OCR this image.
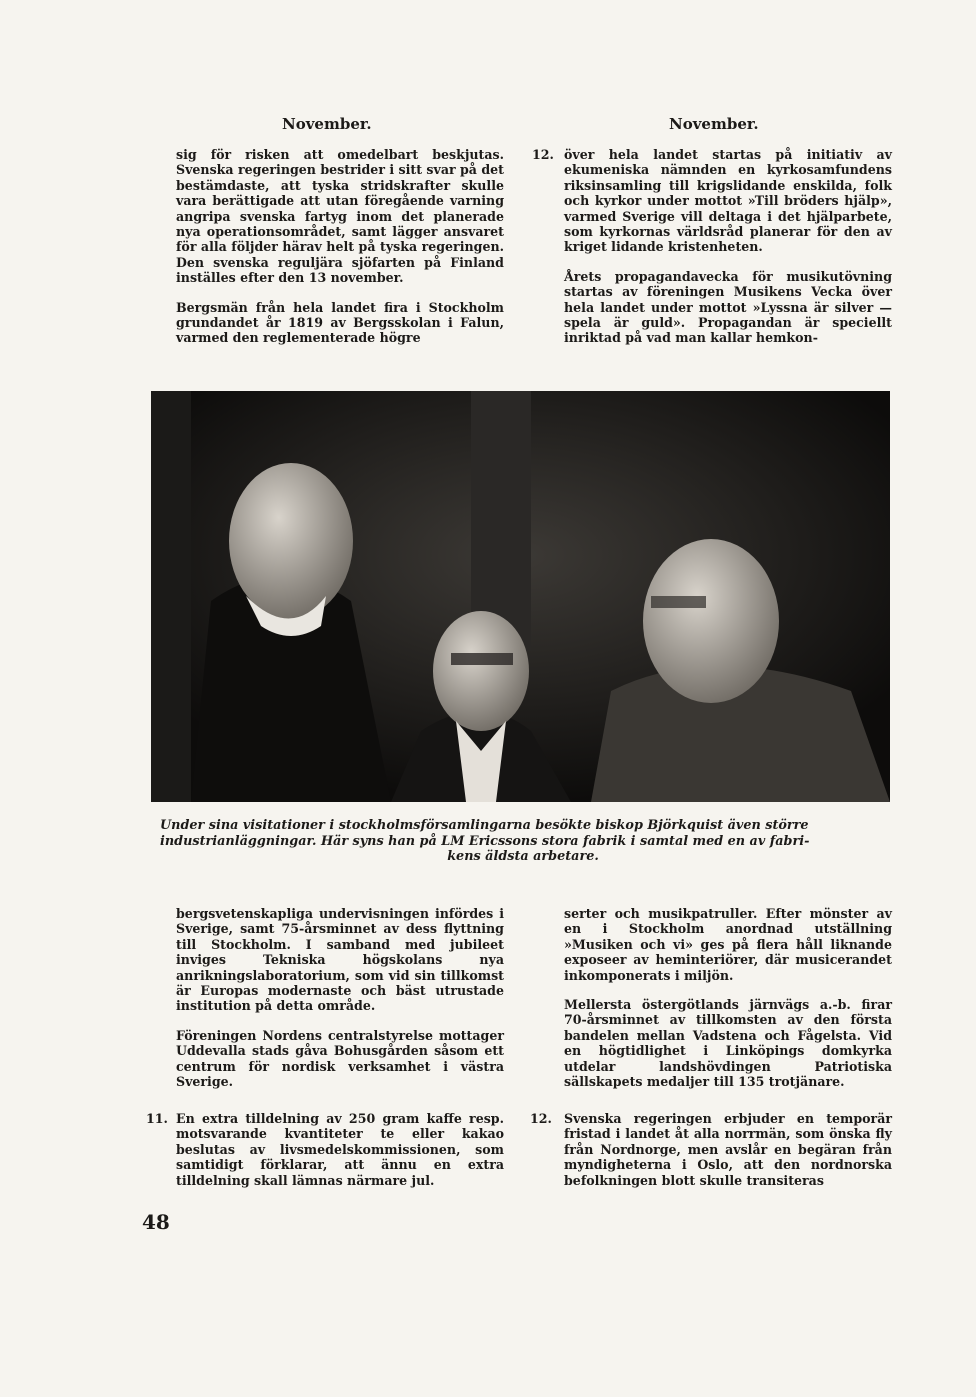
November.	November.

sig för risken att omedelbart beskjutas. Svenska regeringen bestrider i sitt svar på det bestämdaste, att tyska stridskrafter skulle vara berättigade att utan föregående varning angripa svenska fartyg inom det planerade nya operationsområdet, samt lägger ansvaret för alla följder härav helt på tyska regeringen. Den svenska reguljära sjöfarten på Finland inställes efter den 13 november.

Bergsmän från hela landet fira i Stockholm grundandet år 1819 av Bergsskolan i Falun, varmed den reglementerade högre

12. över hela landet startas på initiativ av ekumeniska nämnden en kyrkosamfundens riksinsamling till krigslidande enskilda, folk och kyrkor under mottot »Till bröders hjälp», varmed Sverige vill deltaga i det hjälparbete, som kyrkornas världsråd planerar för den av kriget lidande kristenheten.

Årets propagandavecka för musikutövning startas av föreningen Musikens Vecka över hela landet under mottot »Lyssna är silver — spela är guld». Propagandan är speciellt inriktad på vad man kallar hemkon-

Under sina visitationer i stockholmsförsamlingarna besökte biskop Björkquist även större
industrianläggningar. Här syns han på LM Ericssons stora fabrik i samtal med en av fabri-
kens äldsta arbetare.

bergsvetenskapliga undervisningen infördes i Sverige, samt 75-årsminnet av dess flyttning till Stockholm. I samband med jubileet inviges Tekniska högskolans nya anrikningslaboratorium, som vid sin tillkomst är Europas modernaste och bäst utrustade institution på detta område.

Föreningen Nordens centralstyrelse mottager Uddevalla stads gåva Bohusgården såsom ett centrum för nordisk verksamhet i västra Sverige.

11. En extra tilldelning av 250 gram kaffe resp. motsvarande kvantiteter te eller kakao beslutas av livsmedelskommissionen, som samtidigt förklarar, att ännu en extra tilldelning skall lämnas närmare jul.

serter och musikpatruller. Efter mönster av en i Stockholm anordnad utställning »Musiken och vi» ges på flera håll liknande exposeer av heminteriörer, där musicerandet inkomponerats i miljön.

Mellersta östergötlands järnvägs a.-b. firar 70-årsminnet av tillkomsten av den första bandelen mellan Vadstena och Fågelsta. Vid en högtidlighet i Linköpings domkyrka utdelar landshövdingen Patriotiska sällskapets medaljer till 135 trotjänare.

12. Svenska regeringen erbjuder en temporär fristad i landet åt alla norrmän, som önska fly från Nordnorge, men avslår en begäran från myndigheterna i Oslo, att den nordnorska befolkningen blott skulle transiteras

48
